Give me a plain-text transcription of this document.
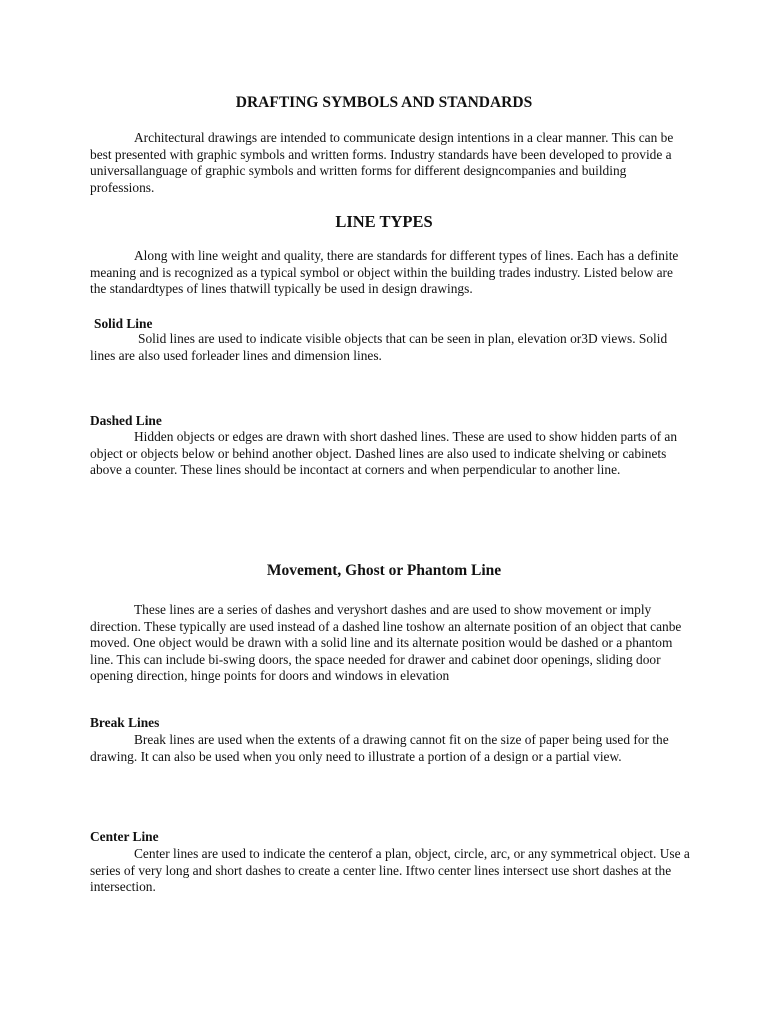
DRAFTING SYMBOLS AND STANDARDS

Architectural drawings are intended to communicate design intentions in a clear manner. This can be best presented with graphic symbols and written forms. Industry standards have been developed to provide a universallanguage of graphic symbols and written forms for different designcompanies and building professions.

LINE TYPES

Along with line weight and quality, there are standards for different types of lines. Each has a definite meaning and is recognized as a typical symbol or object within the building trades industry. Listed below are the standardtypes of lines thatwill typically be used in design drawings.

Solid Line

Solid lines are used to indicate visible objects that can be seen in plan, elevation or3D views. Solid lines are also used forleader lines and dimension lines.

Dashed Line

Hidden objects or edges are drawn with short dashed lines. These are used to show hidden parts of an object or objects below or behind another object. Dashed lines are also used to indicate shelving or cabinets above a counter. These lines should be incontact at corners and when perpendicular to another line.

Movement, Ghost or Phantom Line

These lines are a series of dashes and veryshort dashes and are used to show movement or imply direction. These typically are used instead of a dashed line toshow an alternate position of an object that canbe moved. One object would be drawn with a solid line and its alternate position would be dashed or a phantom line. This can include bi-swing doors, the space needed for drawer and cabinet door openings, sliding door opening direction, hinge points for doors and windows in elevation

Break Lines

Break lines are used when the extents of a drawing cannot fit on the size of paper being used for the drawing. It can also be used when you only need to illustrate a portion of a design or a partial view.

Center Line

Center lines are used to indicate the centerof a plan, object, circle, arc, or any symmetrical object. Use a series of very long and short dashes to create a center line. Iftwo center lines intersect use short dashes at the intersection.
